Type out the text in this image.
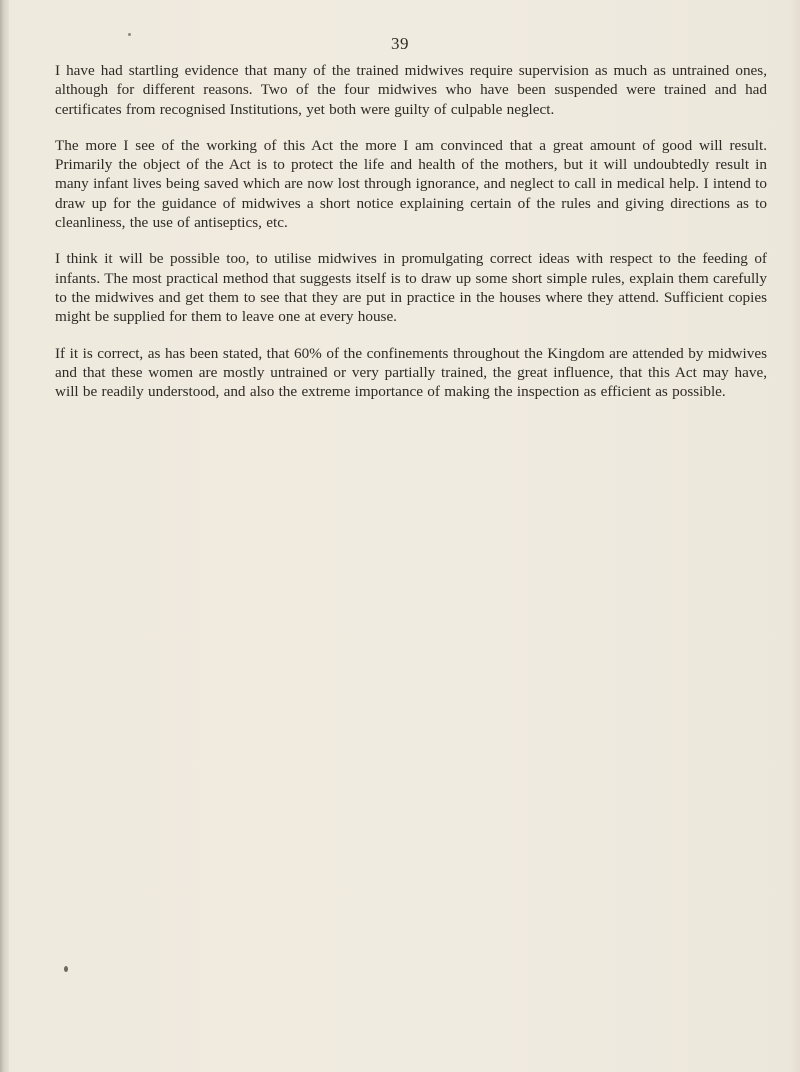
39

I have had startling evidence that many of the trained midwives require supervision as much as untrained ones, although for different reasons. Two of the four midwives who have been suspended were trained and had certificates from recognised Institutions, yet both were guilty of culpable neglect.

The more I see of the working of this Act the more I am convinced that a great amount of good will result. Primarily the object of the Act is to protect the life and health of the mothers, but it will undoubtedly result in many infant lives being saved which are now lost through ignorance, and neglect to call in medical help. I intend to draw up for the guidance of midwives a short notice explaining certain of the rules and giving directions as to cleanliness, the use of antiseptics, etc.

I think it will be possible too, to utilise midwives in promulgating correct ideas with respect to the feeding of infants. The most practical method that suggests itself is to draw up some short simple rules, explain them carefully to the midwives and get them to see that they are put in practice in the houses where they attend. Sufficient copies might be supplied for them to leave one at every house.

If it is correct, as has been stated, that 60% of the confinements throughout the Kingdom are attended by midwives and that these women are mostly untrained or very partially trained, the great influence, that this Act may have, will be readily understood, and also the extreme importance of making the inspection as efficient as possible.
